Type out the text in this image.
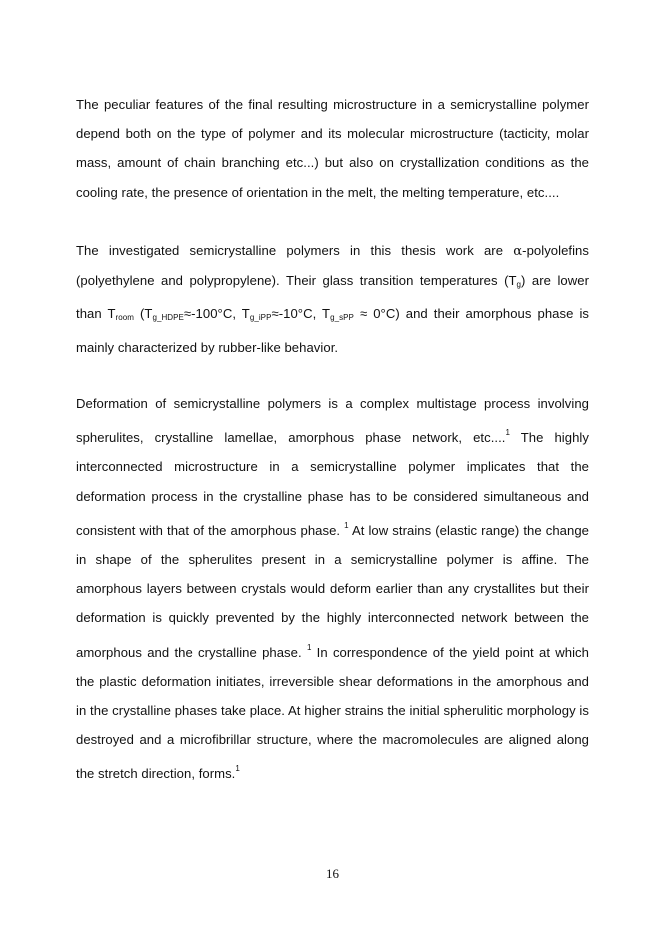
The peculiar features of the final resulting microstructure in a semicrystalline polymer depend both on the type of polymer and its molecular microstructure (tacticity, molar mass, amount of chain branching etc...) but also on crystallization conditions as the cooling rate, the presence of orientation in the melt, the melting temperature, etc....

The investigated semicrystalline polymers in this thesis work are α-polyolefins (polyethylene and polypropylene). Their glass transition temperatures $(T_g)$ are lower than $T_{room}$ ($T_{g\_HDPE}\approx-100^\circ C$, $T_{g\_iPP}\approx-10^\circ C$, $T_{g\_sPP} \approx 0^\circ C$) and their amorphous phase is mainly characterized by rubber-like behavior.

Deformation of semicrystalline polymers is a complex multistage process involving spherulites, crystalline lamellae, amorphous phase network, etc....$^1$ The highly interconnected microstructure in a semicrystalline polymer implicates that the deformation process in the crystalline phase has to be considered simultaneous and consistent with that of the amorphous phase. $^1$ At low strains (elastic range) the change in shape of the spherulites present in a semicrystalline polymer is affine. The amorphous layers between crystals would deform earlier than any crystallites but their deformation is quickly prevented by the highly interconnected network between the amorphous and the crystalline phase. $^1$ In correspondence of the yield point at which the plastic deformation initiates, irreversible shear deformations in the amorphous and in the crystalline phases take place. At higher strains the initial spherulitic morphology is destroyed and a microfibrillar structure, where the macromolecules are aligned along the stretch direction, forms.$^1$

16
